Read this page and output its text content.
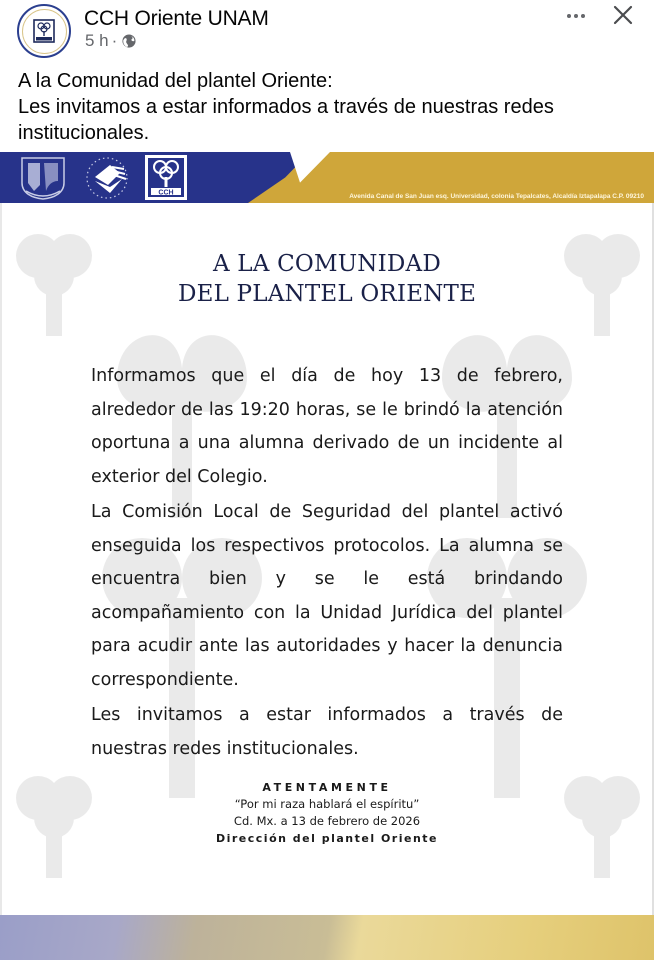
CCH Oriente UNAM
5 h ·
A la Comunidad del plantel Oriente:
Les invitamos a estar informados a través de nuestras redes
institucionales.
CCH	Avenida Canal de San Juan esq. Universidad, colonia Tepalcates, Alcaldía Iztapalapa C.P. 09210
A LA COMUNIDAD
DEL PLANTEL ORIENTE

Informamos que el día de hoy 13 de febrero, alrededor de las 19:20 horas, se le brindó la atención oportuna a una alumna derivado de un incidente al exterior del Colegio.

La Comisión Local de Seguridad del plantel activó enseguida los respectivos protocolos. La alumna se encuentra bien y se le está brindando acompañamiento con la Unidad Jurídica del plantel para acudir ante las autoridades y hacer la denuncia correspondiente.

Les invitamos a estar informados a través de nuestras redes institucionales.

ATENTAMENTE
“Por mi raza hablará el espíritu”
Cd. Mx. a 13 de febrero de 2026
Dirección del plantel Oriente
